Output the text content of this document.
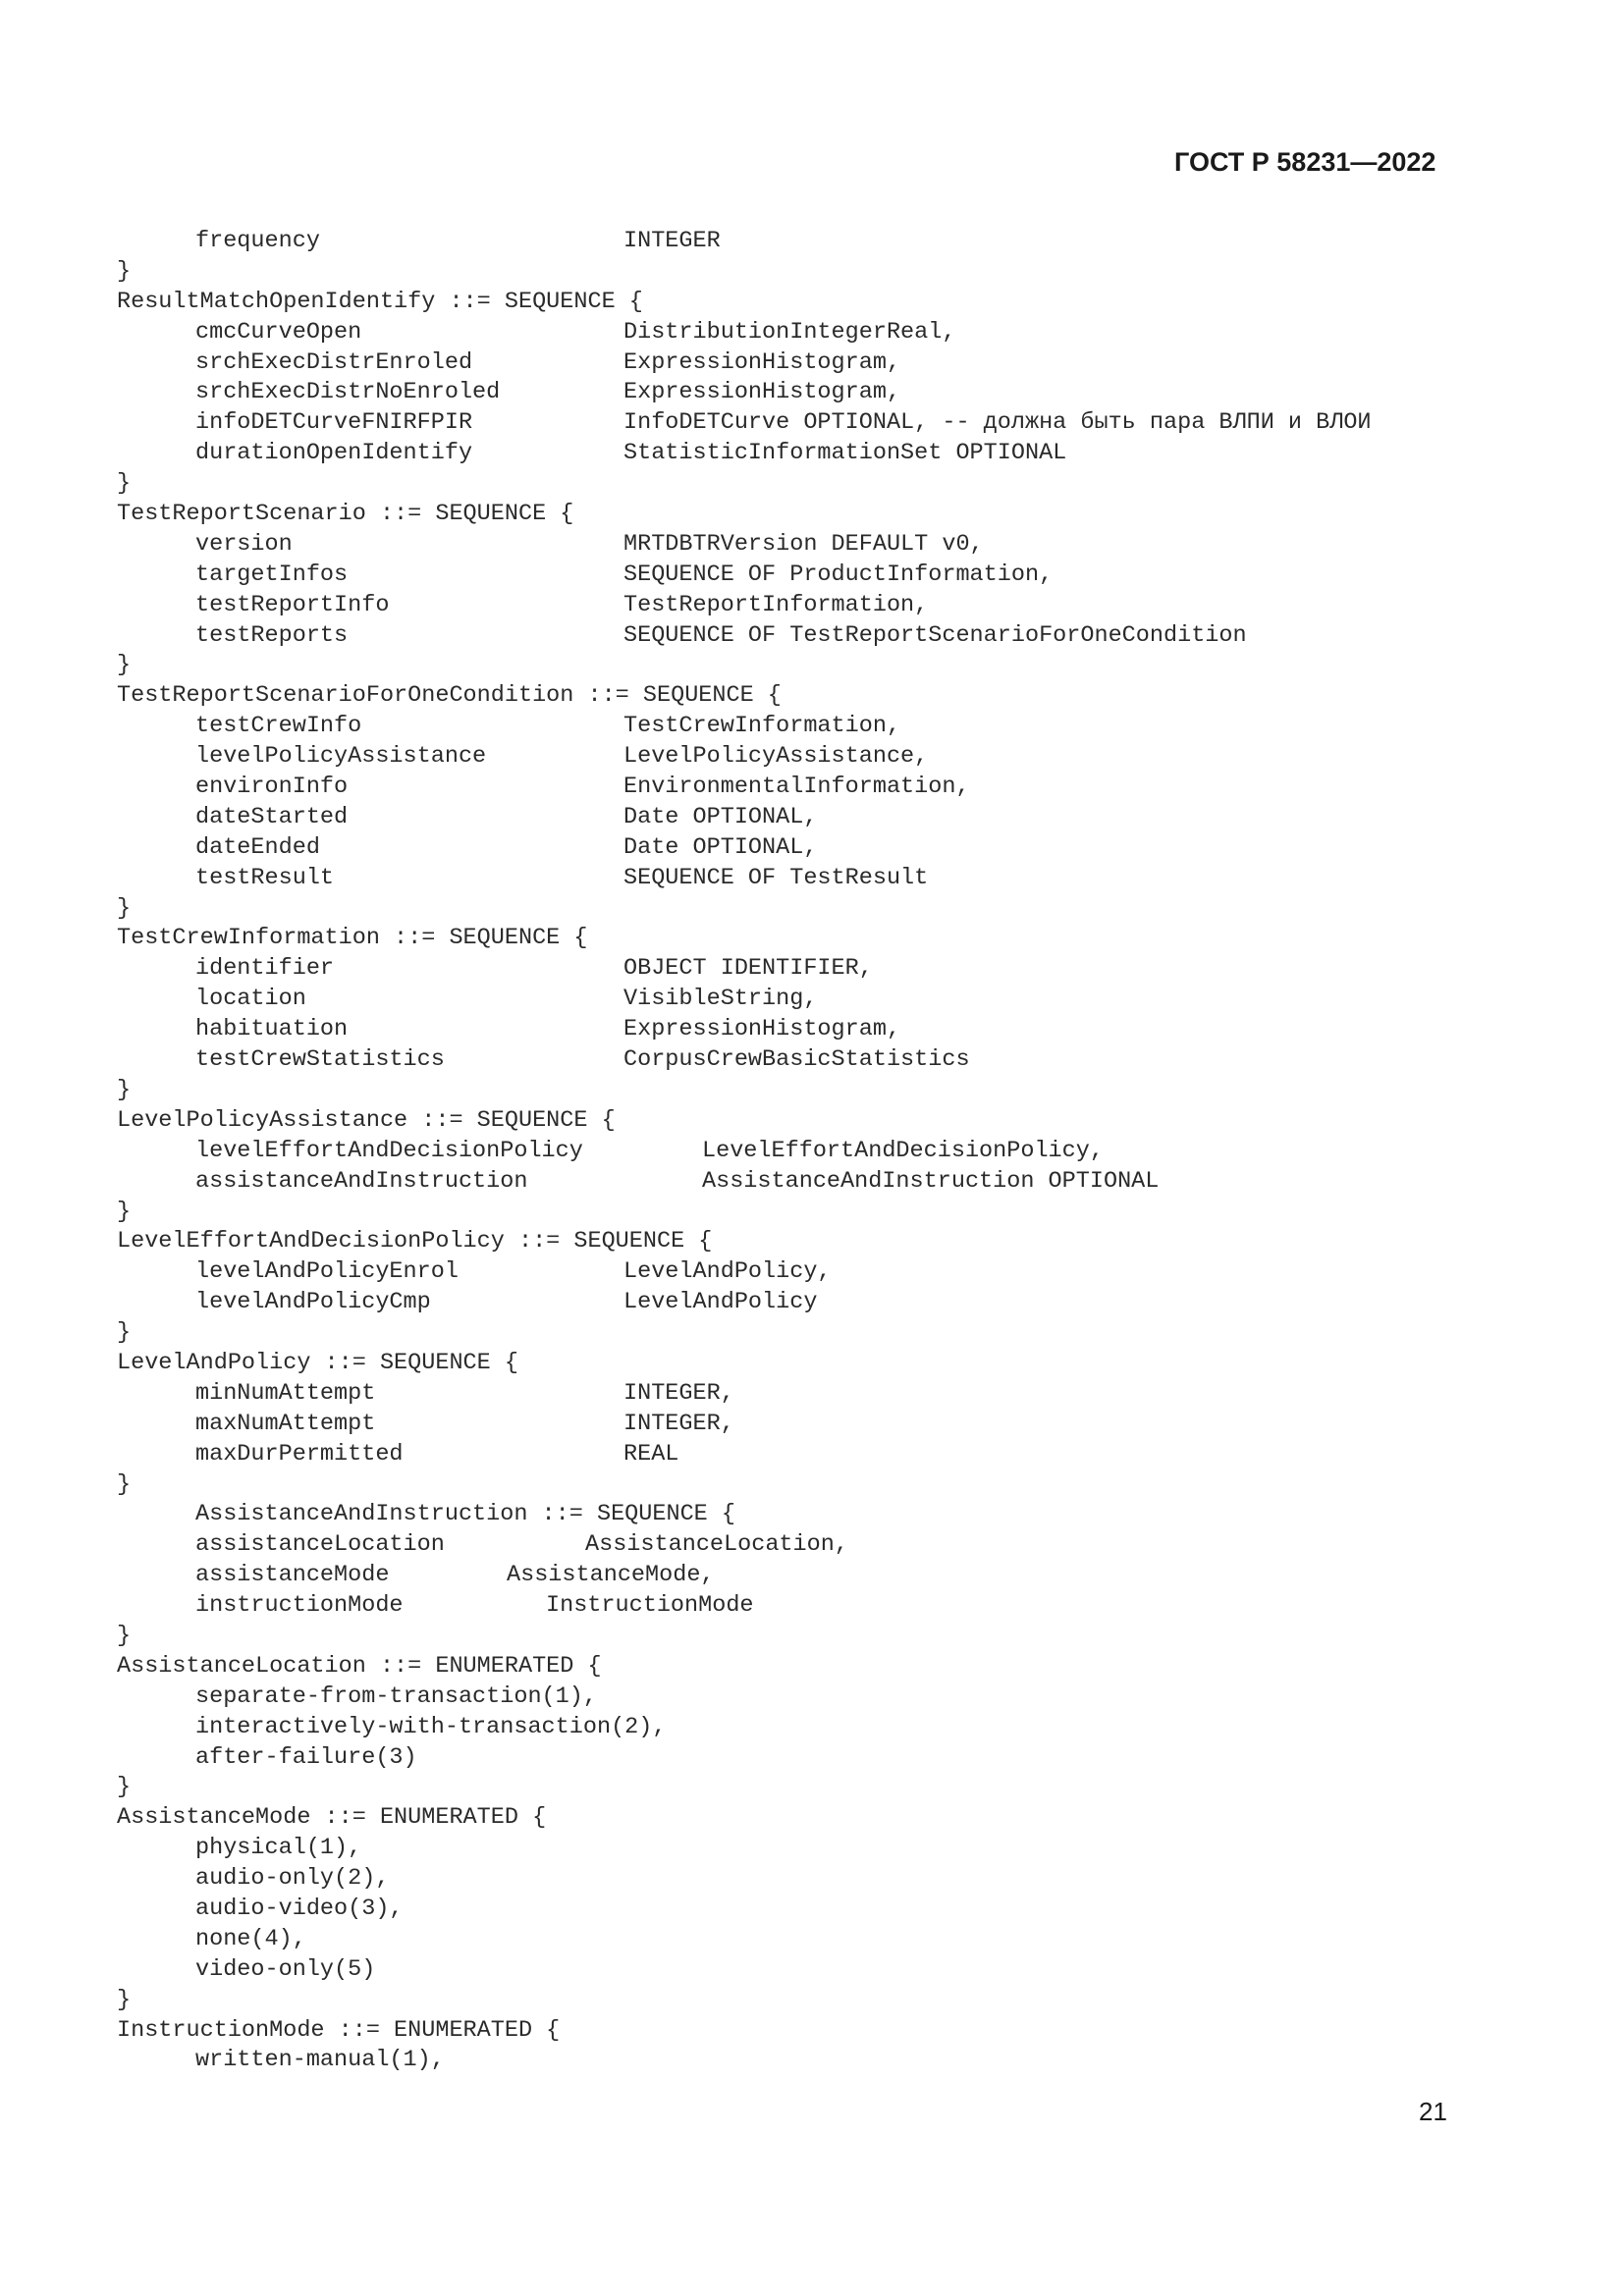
ГОСТ Р 58231—2022
frequency	INTEGER
}
ResultMatchOpenIdentify ::= SEQUENCE {
cmcCurveOpen	DistributionIntegerReal,
srchExecDistrEnroled	ExpressionHistogram,
srchExecDistrNoEnroled	ExpressionHistogram,
infoDETCurveFNIRFPIR	InfoDETCurve OPTIONAL, -- должна быть пара ВЛПИ и ВЛОИ
durationOpenIdentify	StatisticInformationSet OPTIONAL
}
TestReportScenario ::= SEQUENCE {
version	MRTDBTRVersion DEFAULT v0,
targetInfos	SEQUENCE OF ProductInformation,
testReportInfo	TestReportInformation,
testReports	SEQUENCE OF TestReportScenarioForOneCondition
}
TestReportScenarioForOneCondition ::= SEQUENCE {
testCrewInfo	TestCrewInformation,
levelPolicyAssistance	LevelPolicyAssistance,
environInfo	EnvironmentalInformation,
dateStarted	Date OPTIONAL,
dateEnded	Date OPTIONAL,
testResult	SEQUENCE OF TestResult
}
TestCrewInformation ::= SEQUENCE {
identifier	OBJECT IDENTIFIER,
location	VisibleString,
habituation	ExpressionHistogram,
testCrewStatistics	CorpusCrewBasicStatistics
}
LevelPolicyAssistance ::= SEQUENCE {
levelEffortAndDecisionPolicy	LevelEffortAndDecisionPolicy,
assistanceAndInstruction	AssistanceAndInstruction OPTIONAL
}
LevelEffortAndDecisionPolicy ::= SEQUENCE {
levelAndPolicyEnrol	LevelAndPolicy,
levelAndPolicyCmp	LevelAndPolicy
}
LevelAndPolicy ::= SEQUENCE {
minNumAttempt	INTEGER,
maxNumAttempt	INTEGER,
maxDurPermitted	REAL
}
AssistanceAndInstruction ::= SEQUENCE {
assistanceLocation	AssistanceLocation,
assistanceMode	AssistanceMode,
instructionMode	InstructionMode
}
AssistanceLocation ::= ENUMERATED {
separate-from-transaction(1),
interactively-with-transaction(2),
after-failure(3)
}
AssistanceMode ::= ENUMERATED {
physical(1),
audio-only(2),
audio-video(3),
none(4),
video-only(5)
}
InstructionMode ::= ENUMERATED {
written-manual(1),
21
